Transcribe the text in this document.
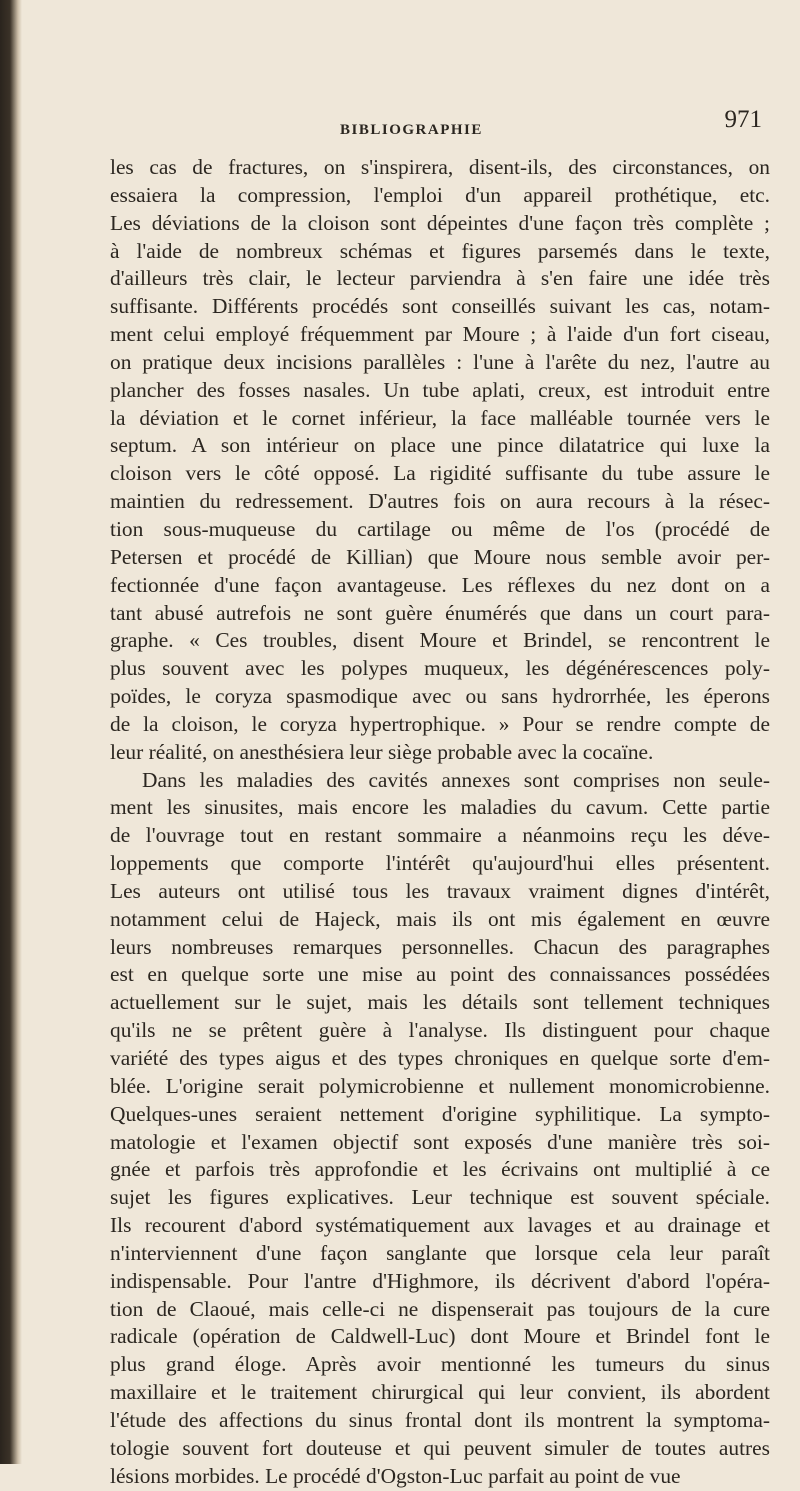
BIBLIOGRAPHIE	971
les cas de fractures, on s'inspirera, disent-ils, des circonstances, on
essaiera la compression, l'emploi d'un appareil prothétique, etc.
Les déviations de la cloison sont dépeintes d'une façon très complète ;
à l'aide de nombreux schémas et figures parsemés dans le texte,
d'ailleurs très clair, le lecteur parviendra à s'en faire une idée très
suffisante. Différents procédés sont conseillés suivant les cas, notam-
ment celui employé fréquemment par Moure ; à l'aide d'un fort ciseau,
on pratique deux incisions parallèles : l'une à l'arête du nez, l'autre au
plancher des fosses nasales. Un tube aplati, creux, est introduit entre
la déviation et le cornet inférieur, la face malléable tournée vers le
septum. A son intérieur on place une pince dilatatrice qui luxe la
cloison vers le côté opposé. La rigidité suffisante du tube assure le
maintien du redressement. D'autres fois on aura recours à la résec-
tion sous-muqueuse du cartilage ou même de l'os (procédé de
Petersen et procédé de Killian) que Moure nous semble avoir per-
fectionnée d'une façon avantageuse. Les réflexes du nez dont on a
tant abusé autrefois ne sont guère énumérés que dans un court para-
graphe. « Ces troubles, disent Moure et Brindel, se rencontrent le
plus souvent avec les polypes muqueux, les dégénérescences poly-
poïdes, le coryza spasmodique avec ou sans hydrorrhée, les éperons
de la cloison, le coryza hypertrophique. » Pour se rendre compte de
leur réalité, on anesthésiera leur siège probable avec la cocaïne.
Dans les maladies des cavités annexes sont comprises non seule-
ment les sinusites, mais encore les maladies du cavum. Cette partie
de l'ouvrage tout en restant sommaire a néanmoins reçu les déve-
loppements que comporte l'intérêt qu'aujourd'hui elles présentent.
Les auteurs ont utilisé tous les travaux vraiment dignes d'intérêt,
notamment celui de Hajeck, mais ils ont mis également en œuvre
leurs nombreuses remarques personnelles. Chacun des paragraphes
est en quelque sorte une mise au point des connaissances possédées
actuellement sur le sujet, mais les détails sont tellement techniques
qu'ils ne se prêtent guère à l'analyse. Ils distinguent pour chaque
variété des types aigus et des types chroniques en quelque sorte d'em-
blée. L'origine serait polymicrobienne et nullement monomicrobienne.
Quelques-unes seraient nettement d'origine syphilitique. La sympto-
matologie et l'examen objectif sont exposés d'une manière très soi-
gnée et parfois très approfondie et les écrivains ont multiplié à ce
sujet les figures explicatives. Leur technique est souvent spéciale.
Ils recourent d'abord systématiquement aux lavages et au drainage et
n'interviennent d'une façon sanglante que lorsque cela leur paraît
indispensable. Pour l'antre d'Highmore, ils décrivent d'abord l'opéra-
tion de Claoué, mais celle-ci ne dispenserait pas toujours de la cure
radicale (opération de Caldwell-Luc) dont Moure et Brindel font le
plus grand éloge. Après avoir mentionné les tumeurs du sinus
maxillaire et le traitement chirurgical qui leur convient, ils abordent
l'étude des affections du sinus frontal dont ils montrent la symptoma-
tologie souvent fort douteuse et qui peuvent simuler de toutes autres
lésions morbides. Le procédé d'Ogston-Luc parfait au point de vue
